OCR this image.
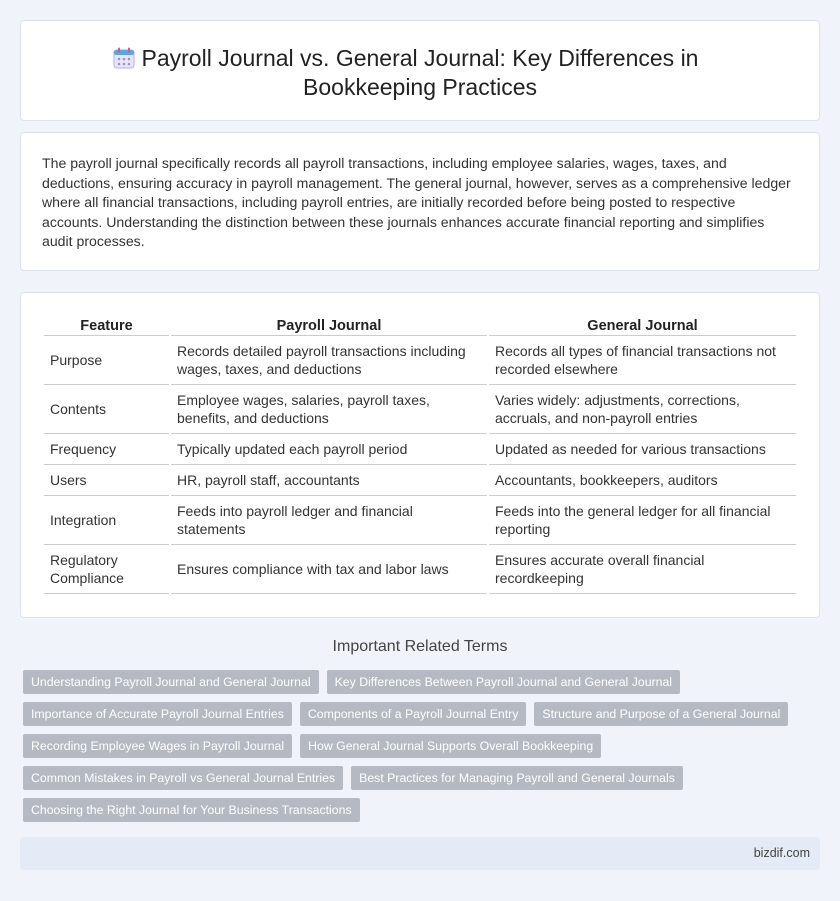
Payroll Journal vs. General Journal: Key Differences in Bookkeeping Practices

The payroll journal specifically records all payroll transactions, including employee salaries, wages, taxes, and deductions, ensuring accuracy in payroll management. The general journal, however, serves as a comprehensive ledger where all financial transactions, including payroll entries, are initially recorded before being posted to respective accounts. Understanding the distinction between these journals enhances accurate financial reporting and simplifies audit processes.

Feature	Payroll Journal	General Journal
Purpose	Records detailed payroll transactions including wages, taxes, and deductions	Records all types of financial transactions not recorded elsewhere
Contents	Employee wages, salaries, payroll taxes, benefits, and deductions	Varies widely: adjustments, corrections, accruals, and non-payroll entries
Frequency	Typically updated each payroll period	Updated as needed for various transactions
Users	HR, payroll staff, accountants	Accountants, bookkeepers, auditors
Integration	Feeds into payroll ledger and financial statements	Feeds into the general ledger for all financial reporting
Regulatory Compliance	Ensures compliance with tax and labor laws	Ensures accurate overall financial recordkeeping
Important Related Terms
Understanding Payroll Journal and General Journal	Key Differences Between Payroll Journal and General Journal
Importance of Accurate Payroll Journal Entries	Components of a Payroll Journal Entry	Structure and Purpose of a General Journal
Recording Employee Wages in Payroll Journal	How General Journal Supports Overall Bookkeeping
Common Mistakes in Payroll vs General Journal Entries	Best Practices for Managing Payroll and General Journals
Choosing the Right Journal for Your Business Transactions
bizdif.com
